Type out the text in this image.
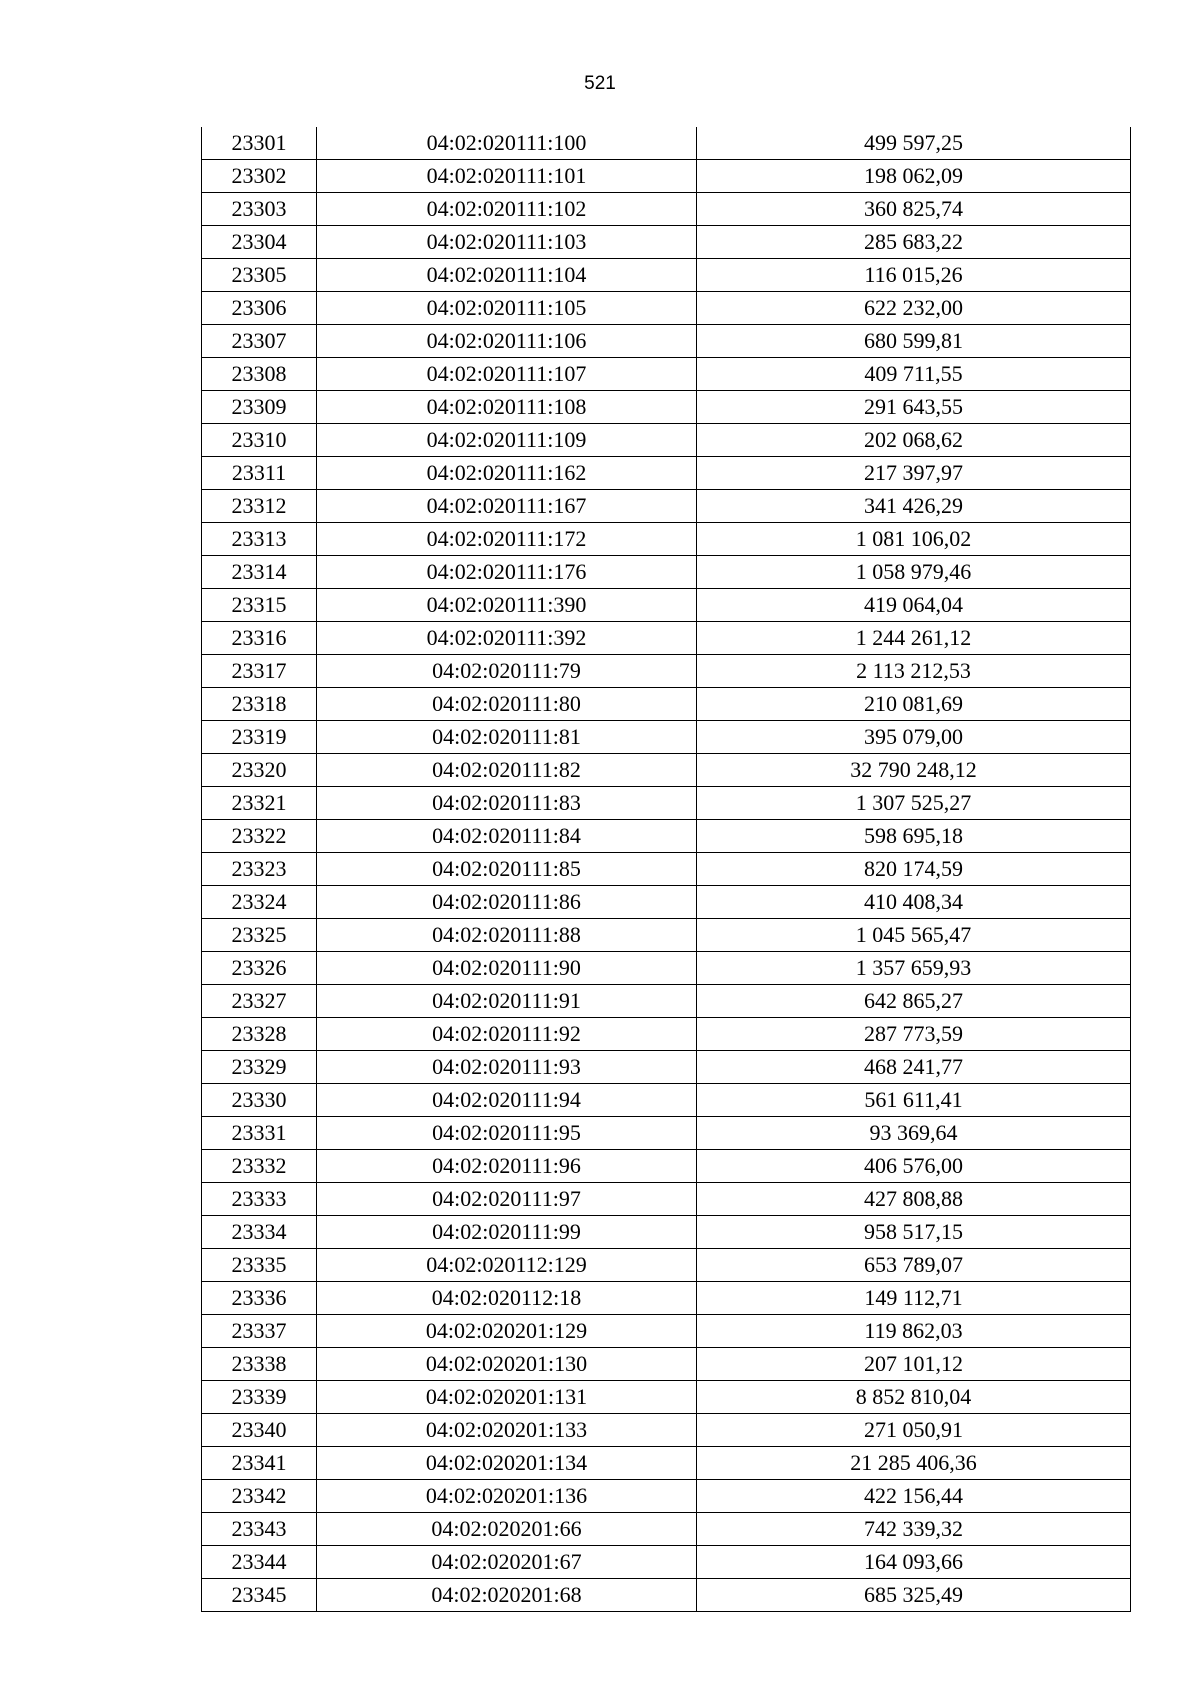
521
23301	04:02:020111:100	499 597,25
23302	04:02:020111:101	198 062,09
23303	04:02:020111:102	360 825,74
23304	04:02:020111:103	285 683,22
23305	04:02:020111:104	116 015,26
23306	04:02:020111:105	622 232,00
23307	04:02:020111:106	680 599,81
23308	04:02:020111:107	409 711,55
23309	04:02:020111:108	291 643,55
23310	04:02:020111:109	202 068,62
23311	04:02:020111:162	217 397,97
23312	04:02:020111:167	341 426,29
23313	04:02:020111:172	1 081 106,02
23314	04:02:020111:176	1 058 979,46
23315	04:02:020111:390	419 064,04
23316	04:02:020111:392	1 244 261,12
23317	04:02:020111:79	2 113 212,53
23318	04:02:020111:80	210 081,69
23319	04:02:020111:81	395 079,00
23320	04:02:020111:82	32 790 248,12
23321	04:02:020111:83	1 307 525,27
23322	04:02:020111:84	598 695,18
23323	04:02:020111:85	820 174,59
23324	04:02:020111:86	410 408,34
23325	04:02:020111:88	1 045 565,47
23326	04:02:020111:90	1 357 659,93
23327	04:02:020111:91	642 865,27
23328	04:02:020111:92	287 773,59
23329	04:02:020111:93	468 241,77
23330	04:02:020111:94	561 611,41
23331	04:02:020111:95	93 369,64
23332	04:02:020111:96	406 576,00
23333	04:02:020111:97	427 808,88
23334	04:02:020111:99	958 517,15
23335	04:02:020112:129	653 789,07
23336	04:02:020112:18	149 112,71
23337	04:02:020201:129	119 862,03
23338	04:02:020201:130	207 101,12
23339	04:02:020201:131	8 852 810,04
23340	04:02:020201:133	271 050,91
23341	04:02:020201:134	21 285 406,36
23342	04:02:020201:136	422 156,44
23343	04:02:020201:66	742 339,32
23344	04:02:020201:67	164 093,66
23345	04:02:020201:68	685 325,49
